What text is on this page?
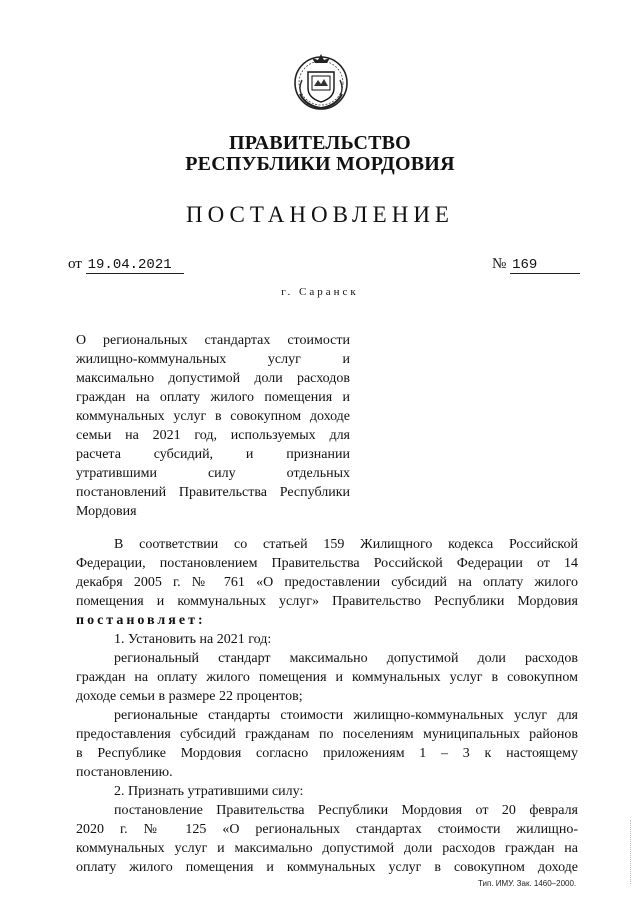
ПРАВИТЕЛЬСТВО
РЕСПУБЛИКИ МОРДОВИЯ
ПОСТАНОВЛЕНИЕ
от 19.04.2021	№ 169
г. Саранск
О региональных стандартах стоимости
жилищно-коммунальных услуг и
максимально допустимой доли расходов
граждан на оплату жилого помещения и
коммунальных услуг в совокупном доходе
семьи на 2021 год, используемых для
расчета субсидий, и признании
утратившими силу отдельных
постановлений Правительства Республики
Мордовия
В соответствии со статьей 159 Жилищного кодекса Российской
Федерации, постановлением Правительства Российской Федерации от 14
декабря 2005 г. № 761 «О предоставлении субсидий на оплату жилого
помещения и коммунальных услуг» Правительство Республики Мордовия
постановляет:
1. Установить на 2021 год:
региональный стандарт максимально допустимой доли расходов
граждан на оплату жилого помещения и коммунальных услуг в совокупном
доходе семьи в размере 22 процентов;
региональные стандарты стоимости жилищно-коммунальных услуг для
предоставления субсидий гражданам по поселениям муниципальных районов
в Республике Мордовия согласно приложениям 1 – 3 к настоящему
постановлению.
2. Признать утратившими силу:
постановление Правительства Республики Мордовия от 20 февраля
2020 г. № 125 «О региональных стандартах стоимости жилищно-
коммунальных услуг и максимально допустимой доли расходов граждан на
оплату жилого помещения и коммунальных услуг в совокупном доходе
Тип. ИМУ. Зак. 1460–2000.
